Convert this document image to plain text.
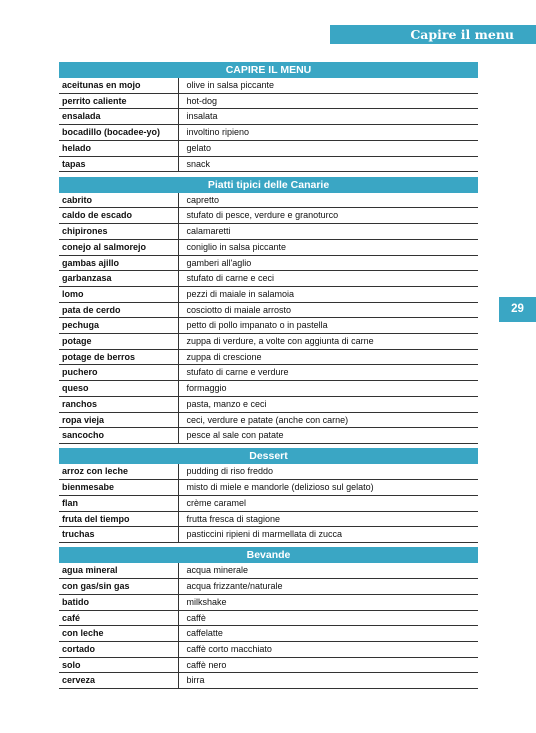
Capire il menu
29
CAPIRE IL MENU	
aceitunas en mojo	olive in salsa piccante
perrito caliente	hot-dog
ensalada	insalata
bocadillo (bocadee-yo)	involtino ripieno
helado	gelato
tapas	snack

Piatti tipici delle Canarie	
cabrito	capretto
caldo de escado	stufato di pesce, verdure e granoturco
chipirones	calamaretti
conejo al salmorejo	coniglio in salsa piccante
gambas ajillo	gamberi all'aglio
garbanzasa	stufato di carne e ceci
lomo	pezzi di maiale in salamoia
pata de cerdo	cosciotto di maiale arrosto
pechuga	petto di pollo impanato o in pastella
potage	zuppa di verdure, a volte con aggiunta di carne
potage de berros	zuppa di crescione
puchero	stufato di carne e verdure
queso	formaggio
ranchos	pasta, manzo e ceci
ropa vieja	ceci, verdure e patate (anche con carne)
sancocho	pesce al sale con patate

Dessert	
arroz con leche	pudding di riso freddo
bienmesabe	misto di miele e mandorle (delizioso sul gelato)
flan	crème caramel
fruta del tiempo	frutta fresca di stagione
truchas	pasticcini ripieni di marmellata di zucca

Bevande	
agua mineral	acqua minerale
con gas/sin gas	acqua frizzante/naturale
batido	milkshake
café	caffè
con leche	caffelatte
cortado	caffè corto macchiato
solo	caffè nero
cerveza	birra
